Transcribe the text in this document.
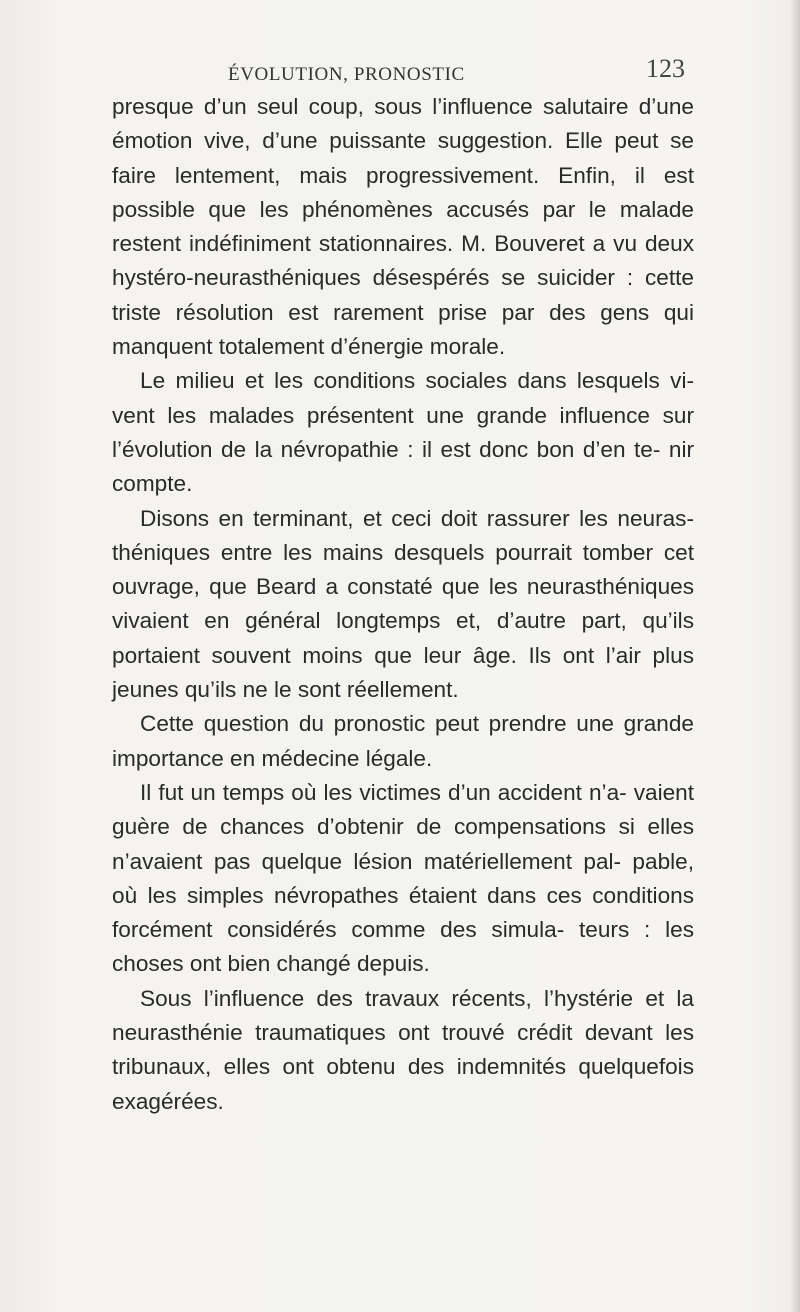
ÉVOLUTION, PRONOSTIC	123

presque d’un seul coup, sous l’influence salutaire d’une émotion vive, d’une puissante suggestion. Elle peut se faire lentement, mais progressivement. Enfin, il est possible que les phénomènes accusés par le malade restent indéfiniment stationnaires. M. Bouveret a vu deux hystéro-neurasthéniques désespérés se suicider : cette triste résolution est rarement prise par des gens qui manquent totalement d’énergie morale.

Le milieu et les conditions sociales dans lesquels vi- vent les malades présentent une grande influence sur l’évolution de la névropathie : il est donc bon d’en te- nir compte.

Disons en terminant, et ceci doit rassurer les neuras- théniques entre les mains desquels pourrait tomber cet ouvrage, que Beard a constaté que les neurasthéniques vivaient en général longtemps et, d’autre part, qu’ils portaient souvent moins que leur âge. Ils ont l’air plus jeunes qu’ils ne le sont réellement.

Cette question du pronostic peut prendre une grande importance en médecine légale.

Il fut un temps où les victimes d’un accident n’a- vaient guère de chances d’obtenir de compensations si elles n’avaient pas quelque lésion matériellement pal- pable, où les simples névropathes étaient dans ces conditions forcément considérés comme des simula- teurs : les choses ont bien changé depuis.

Sous l’influence des travaux récents, l’hystérie et la neurasthénie traumatiques ont trouvé crédit devant les tribunaux, elles ont obtenu des indemnités quelquefois exagérées.
